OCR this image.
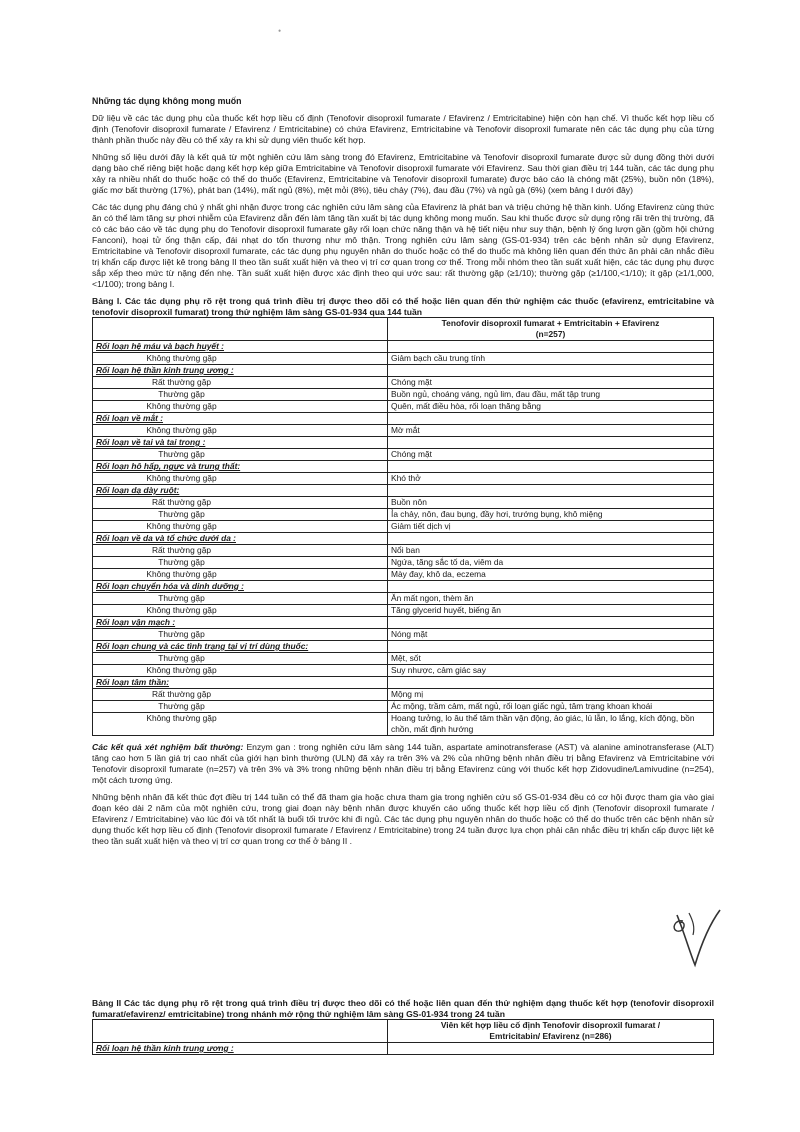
•

Những tác dụng không mong muốn

Dữ liệu về các tác dụng phụ của thuốc kết hợp liều cố định (Tenofovir disoproxil fumarate / Efavirenz / Emtricitabine) hiện còn hạn chế. Vì thuốc kết hợp liều cố định (Tenofovir disoproxil fumarate / Efavirenz / Emtricitabine) có chứa Efavirenz, Emtricitabine và Tenofovir disoproxil fumarate nên các tác dụng phụ của từng thành phần thuốc này đều có thể xảy ra khi sử dụng viên thuốc kết hợp.

Những số liệu dưới đây là kết quả từ một nghiên cứu lâm sàng trong đó Efavirenz, Emtricitabine và Tenofovir disoproxil fumarate được sử dụng đồng thời dưới dạng bào chế riêng biệt hoặc dạng kết hợp kép giữa Emtricitabine và Tenofovir disoproxil fumarate với Efavirenz. Sau thời gian điều trị 144 tuần, các tác dụng phụ xảy ra nhiều nhất do thuốc hoặc có thể do thuốc (Efavirenz, Emtricitabine và Tenofovir disoproxil fumarate) được báo cáo là chóng mặt (25%), buồn nôn (18%), giấc mơ bất thường (17%), phát ban (14%), mất ngủ (8%), mệt mỏi (8%), tiêu chảy (7%), đau đầu (7%) và ngủ gà (6%) (xem bảng I dưới đây)

Các tác dụng phụ đáng chú ý nhất ghi nhận được trong các nghiên cứu lâm sàng của Efavirenz là phát ban và triệu chứng hệ thần kinh. Uống Efavirenz cùng thức ăn có thể làm tăng sự phơi nhiễm của Efavirenz dẫn đến làm tăng tần xuất bị tác dụng không mong muốn. Sau khi thuốc được sử dụng rộng rãi trên thị trường, đã có các báo cáo về tác dụng phụ do Tenofovir disoproxil fumarate gây rối loạn chức năng thận và hệ tiết niệu như suy thận, bệnh lý ống lượn gần (gồm hội chứng Fanconi), hoại tử ống thận cấp, đái nhạt do tổn thương như mô thận. Trong nghiên cứu lâm sàng (GS-01-934) trên các bệnh nhân sử dụng Efavirenz, Emtricitabine và Tenofovir disoproxil fumarate, các tác dụng phụ nguyên nhân do thuốc hoặc có thể do thuốc mà không liên quan đến thức ăn phải cân nhắc điều trị khẩn cấp được liệt kê trong bảng II theo tần suất xuất hiện và theo vị trí cơ quan trong cơ thể. Trong mỗi nhóm theo tần suất xuất hiện, các tác dụng phụ được sắp xếp theo mức từ nặng đến nhẹ. Tần suất xuất hiện được xác định theo qui ước sau: rất thường gặp (≥1/10); thường gặp (≥1/100,<1/10); ít gặp (≥1/1,000,<1/100); trong bảng I.

Bảng I. Các tác dụng phụ rõ rệt trong quá trình điều trị được theo dõi có thể hoặc liên quan đến thử nghiệm các thuốc (efavirenz, emtricitabine và tenofovir disoproxil fumarat) trong thử nghiệm lâm sàng GS-01-934 qua 144 tuần

	Tenofovir disoproxil fumarat + Emtricitabin + Efavirenz
(n=257)

Rối loạn hệ máu và bạch huyết :	
Không thường gặp	Giảm bạch cầu trung tính
Rối loạn hệ thần kinh trung ương :	
Rất thường gặp	Chóng mặt
Thường gặp	Buồn ngủ, choáng váng, ngủ lim, đau đầu, mất tập trung
Không thường gặp	Quên, mất điều hòa, rối loạn thăng bằng
Rối loạn về mắt :	
Không thường gặp	Mờ mắt
Rối loạn về tai và tai trong :	
Thường gặp	Chóng mặt
Rối loạn hô hấp, ngực và trung thất:	
Không thường gặp	Khó thở
Rối loạn dạ dày ruột:	
Rất thường gặp	Buồn nôn
Thường gặp	Ỉa chảy, nôn, đau bụng, đầy hơi, trướng bụng, khô miệng
Không thường gặp	Giảm tiết dịch vị
Rối loạn về da và tổ chức dưới da :	
Rất thường gặp	Nổi ban
Thường gặp	Ngứa, tăng sắc tố da, viêm da
Không thường gặp	Mày đay, khô da, eczema
Rối loạn chuyển hóa và dinh dưỡng :	
Thường gặp	Ăn mất ngon, thèm ăn
Không thường gặp	Tăng glycerid huyết, biếng ăn
Rối loạn vận mạch :	
Thường gặp	Nóng mặt
Rối loạn chung và các tình trạng tại vị trí dùng thuốc:	
Thường gặp	Mệt, sốt
Không thường gặp	Suy nhược, cảm giác say
Rối loạn tâm thần:	
Rất thường gặp	Mộng mị
Thường gặp	Ác mộng, trầm cảm, mất ngủ, rối loạn giấc ngủ, tâm trạng khoan khoái
Không thường gặp	Hoang tưởng, lo âu thể tâm thần vận động, ảo giác, lú lẫn, lo lắng, kích động, bồn chồn, mất định hướng

Các kết quả xét nghiệm bất thường: Enzym gan : trong nghiên cứu lâm sàng 144 tuần, aspartate aminotransferase (AST) và alanine aminotransferase (ALT) tăng cao hơn 5 lần giá trị cao nhất của giới hạn bình thường (ULN) đã xảy ra trên 3% và 2% của những bệnh nhân điều trị bằng Efavirenz và Emtricitabine với Tenofovir disoproxil fumarate (n=257) và trên 3% và 3% trong những bệnh nhân điều trị bằng Efavirenz cùng với thuốc kết hợp Zidovudine/Lamivudine (n=254), một cách tương ứng.

Những bệnh nhân đã kết thúc đợt điều trị 144 tuần có thể đã tham gia hoặc chưa tham gia trong nghiên cứu số GS-01-934 đều có cơ hội được tham gia vào giai đoạn kéo dài 2 năm của một nghiên cứu, trong giai đoạn này bệnh nhân được khuyến cáo uống thuốc kết hợp liều cố định (Tenofovir disoproxil fumarate / Efavirenz / Emtricitabine) vào lúc đói và tốt nhất là buổi tối trước khi đi ngủ. Các tác dụng phụ nguyên nhân do thuốc hoặc có thể do thuốc trên các bệnh nhân sử dụng thuốc kết hợp liều cố định (Tenofovir disoproxil fumarate / Efavirenz / Emtricitabine) trong 24 tuần được lựa chọn phải cân nhắc điều trị khẩn cấp được liệt kê theo tần suất xuất hiện và theo vị trí cơ quan trong cơ thể ở bảng II .

Bảng II Các tác dụng phụ rõ rệt trong quá trình điều trị được theo dõi có thể hoặc liên quan đến thử nghiệm dạng thuốc kết hợp (tenofovir disoproxil fumarat/efavirenz/ emtricitabine) trong nhánh mở rộng thử nghiệm lâm sàng GS-01-934 trong 24 tuần

	Viên kết hợp liều cố định Tenofovir disoproxil fumarat /
Emtricitabin/ Efavirenz (n=286)

Rối loạn hệ thần kinh trung ương :	
